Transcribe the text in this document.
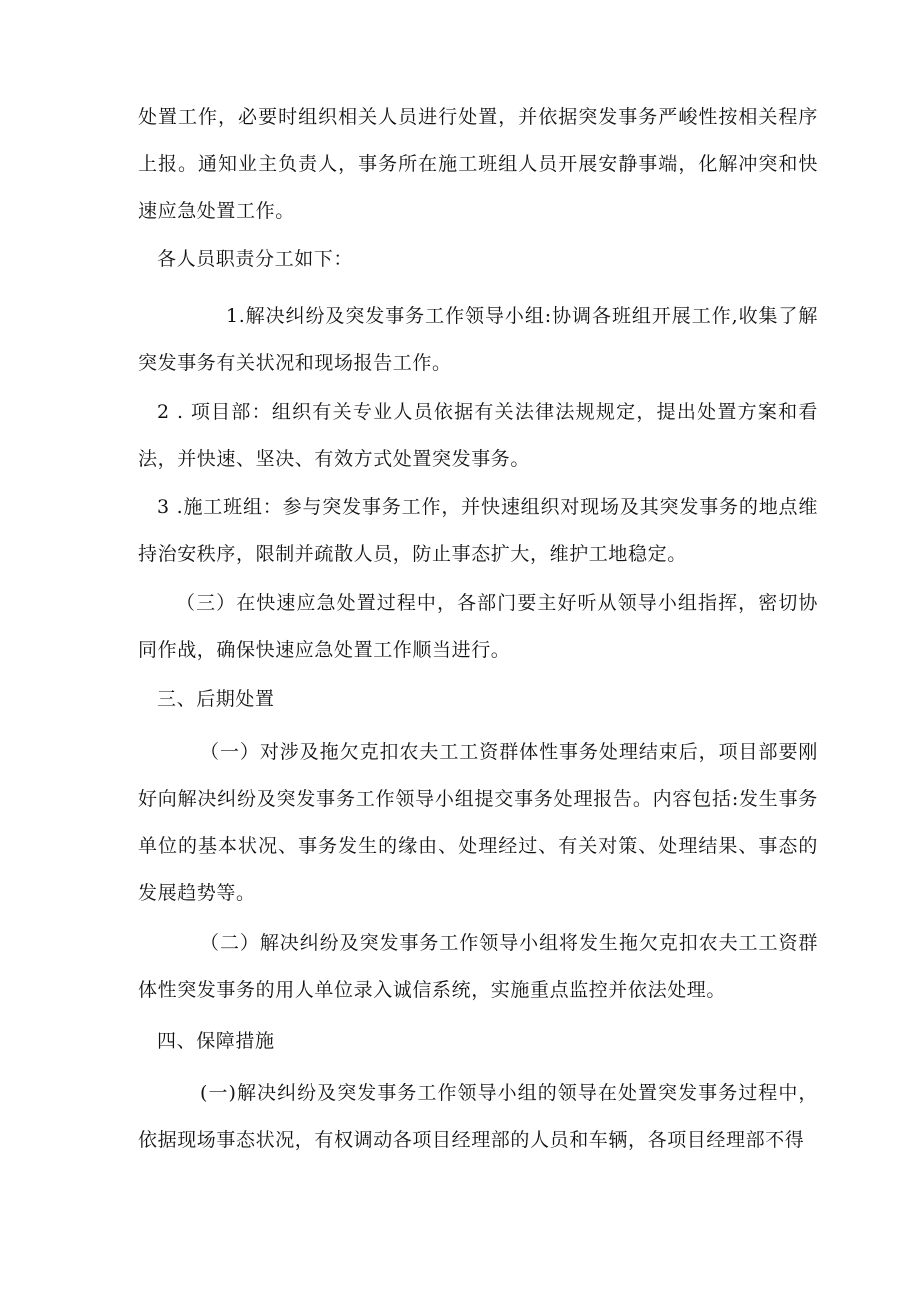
处置工作，必要时组织相关人员进行处置，并依据突发事务严峻性按相关程序上报。通知业主负责人，事务所在施工班组人员开展安静事端，化解冲突和快速应急处置工作。

各人员职责分工如下：

1.解决纠纷及突发事务工作领导小组:协调各班组开展工作,收集了解突发事务有关状况和现场报告工作。

2 . 项目部：组织有关专业人员依据有关法律法规规定，提出处置方案和看法，并快速、坚决、有效方式处置突发事务。

3 .施工班组：参与突发事务工作，并快速组织对现场及其突发事务的地点维持治安秩序，限制并疏散人员，防止事态扩大，维护工地稳定。

（三）在快速应急处置过程中，各部门要主好听从领导小组指挥，密切协同作战，确保快速应急处置工作顺当进行。

三、后期处置

（一）对涉及拖欠克扣农夫工工资群体性事务处理结束后，项目部要刚好向解决纠纷及突发事务工作领导小组提交事务处理报告。内容包括:发生事务单位的基本状况、事务发生的缘由、处理经过、有关对策、处理结果、事态的发展趋势等。

（二）解决纠纷及突发事务工作领导小组将发生拖欠克扣农夫工工资群体性突发事务的用人单位录入诚信系统，实施重点监控并依法处理。

四、保障措施

(一)解决纠纷及突发事务工作领导小组的领导在处置突发事务过程中，依据现场事态状况，有权调动各项目经理部的人员和车辆，各项目经理部不得
